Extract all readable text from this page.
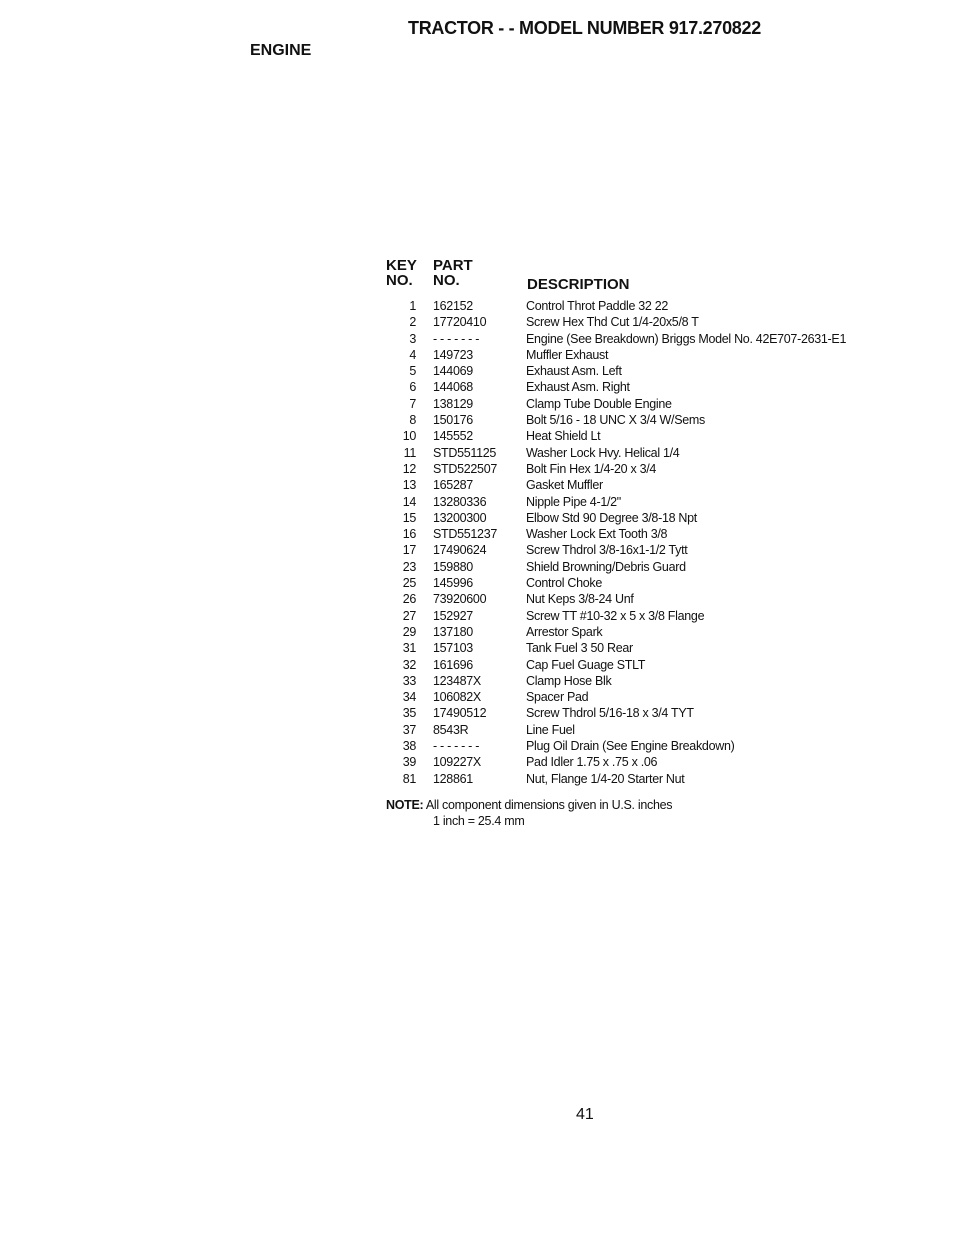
TRACTOR - - MODEL NUMBER 917.270822
ENGINE
KEY
NO.
PART
NO.	DESCRIPTION
1 162152	Control Throt Paddle 32 22
2 17720410	Screw Hex Thd Cut 1/4-20x5/8 T
3 - - - - - - -	Engine (See Breakdown) Briggs Model No. 42E707-2631-E1
4 149723	Muffler Exhaust
5 144069	Exhaust Asm. Left
6 144068	Exhaust Asm. Right
7 138129	Clamp Tube Double Engine
8 150176	Bolt 5/16 - 18 UNC X 3/4 W/Sems
10 145552	Heat Shield Lt
11 STD551125 Washer Lock Hvy. Helical 1/4
12 STD522507 Bolt Fin Hex 1/4-20 x 3/4
13 165287	Gasket Muffler
14 13280336	Nipple Pipe 4-1/2"
15 13200300	Elbow Std 90 Degree 3/8-18 Npt
16 STD551237 Washer Lock Ext Tooth 3/8
17 17490624	Screw Thdrol 3/8-16x1-1/2 Tytt
23 159880	Shield Browning/Debris Guard
25 145996	Control Choke
26 73920600	Nut Keps 3/8-24 Unf
27 152927	Screw TT #10-32 x 5 x 3/8 Flange
29 137180	Arrestor Spark
31 157103	Tank Fuel 3 50 Rear
32 161696	Cap Fuel Guage STLT
33 123487X	Clamp Hose Blk
34 106082X	Spacer Pad
35 17490512	Screw Thdrol 5/16-18 x 3/4 TYT
37 8543R	Line Fuel
38 - - - - - - -	Plug Oil Drain (See Engine Breakdown)
39 109227X	Pad Idler 1.75 x .75 x .06
81 128861	Nut, Flange 1/4-20 Starter Nut
NOTE: All component dimensions given in U.S. inches
1 inch = 25.4 mm
41
